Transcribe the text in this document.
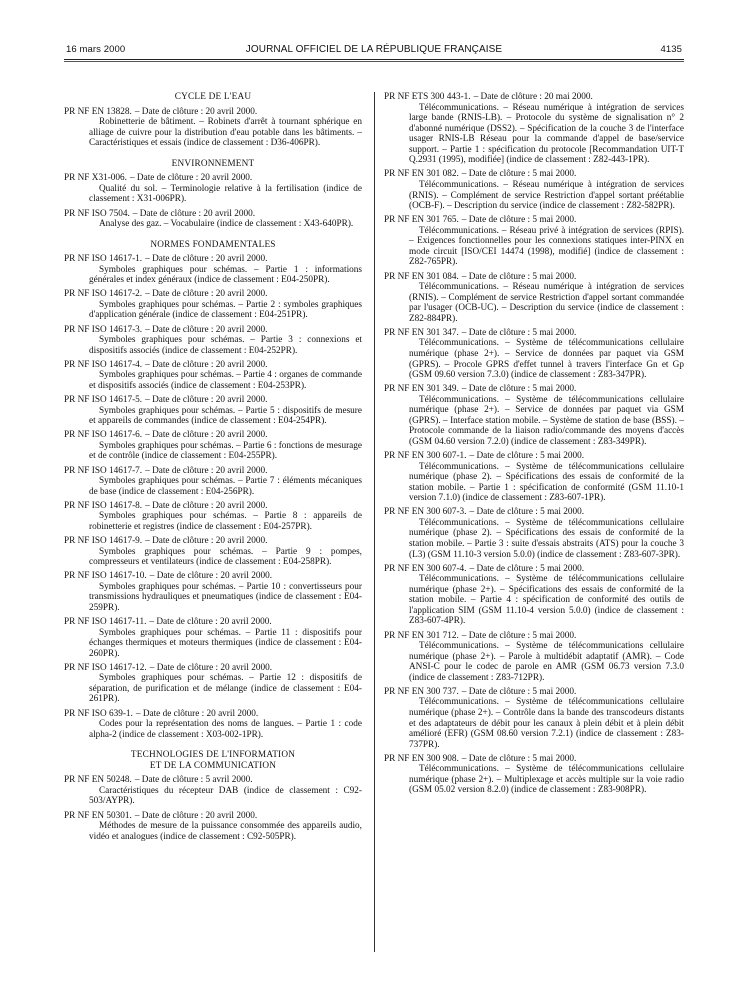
JOURNAL OFFICIEL DE LA RÉPUBLIQUE FRANÇAISE
16 mars 2000	4135
CYCLE DE L'EAU
PR NF EN 13828. – Date de clôture : 20 avril 2000.
Robinetterie de bâtiment. – Robinets d'arrêt à tournant sphérique en alliage de cuivre pour la distribution d'eau potable dans les bâtiments. – Caractéristiques et essais (indice de classement : D36-406PR).
ENVIRONNEMENT
PR NF X31-006. – Date de clôture : 20 avril 2000.
Qualité du sol. – Terminologie relative à la fertilisation (indice de classement : X31-006PR).
PR NF ISO 7504. – Date de clôture : 20 avril 2000.
Analyse des gaz. – Vocabulaire (indice de classement : X43-640PR).
NORMES FONDAMENTALES
PR NF ISO 14617-1. – Date de clôture : 20 avril 2000.
Symboles graphiques pour schémas. – Partie 1 : informations générales et index généraux (indice de classement : E04-250PR).
PR NF ISO 14617-2. – Date de clôture : 20 avril 2000.
Symboles graphiques pour schémas. – Partie 2 : symboles graphiques d'application générale (indice de classement : E04-251PR).
PR NF ISO 14617-3. – Date de clôture : 20 avril 2000.
Symboles graphiques pour schémas. – Partie 3 : connexions et dispositifs associés (indice de classement : E04-252PR).
PR NF ISO 14617-4. – Date de clôture : 20 avril 2000.
Symboles graphiques pour schémas. – Partie 4 : organes de commande et dispositifs associés (indice de classement : E04-253PR).
PR NF ISO 14617-5. – Date de clôture : 20 avril 2000.
Symboles graphiques pour schémas. – Partie 5 : dispositifs de mesure et appareils de commandes (indice de classement : E04-254PR).
PR NF ISO 14617-6. – Date de clôture : 20 avril 2000.
Symboles graphiques pour schémas. – Partie 6 : fonctions de mesurage et de contrôle (indice de classement : E04-255PR).
PR NF ISO 14617-7. – Date de clôture : 20 avril 2000.
Symboles graphiques pour schémas. – Partie 7 : éléments mécaniques de base (indice de classement : E04-256PR).
PR NF ISO 14617-8. – Date de clôture : 20 avril 2000.
Symboles graphiques pour schémas. – Partie 8 : appareils de robinetterie et registres (indice de classement : E04-257PR).
PR NF ISO 14617-9. – Date de clôture : 20 avril 2000.
Symboles graphiques pour schémas. – Partie 9 : pompes, compresseurs et ventilateurs (indice de classement : E04-258PR).
PR NF ISO 14617-10. – Date de clôture : 20 avril 2000.
Symboles graphiques pour schémas. – Partie 10 : convertisseurs pour transmissions hydrauliques et pneumatiques (indice de classement : E04-259PR).
PR NF ISO 14617-11. – Date de clôture : 20 avril 2000.
Symboles graphiques pour schémas. – Partie 11 : dispositifs pour échanges thermiques et moteurs thermiques (indice de classement : E04-260PR).
PR NF ISO 14617-12. – Date de clôture : 20 avril 2000.
Symboles graphiques pour schémas. – Partie 12 : dispositifs de séparation, de purification et de mélange (indice de classement : E04-261PR).
PR NF ISO 639-1. – Date de clôture : 20 avril 2000.
Codes pour la représentation des noms de langues. – Partie 1 : code alpha-2 (indice de classement : X03-002-1PR).
TECHNOLOGIES DE L'INFORMATION
ET DE LA COMMUNICATION
PR NF EN 50248. – Date de clôture : 5 avril 2000.
Caractéristiques du récepteur DAB (indice de classement : C92-503/AYPR).
PR NF EN 50301. – Date de clôture : 20 avril 2000.
Méthodes de mesure de la puissance consommée des appareils audio, vidéo et analogues (indice de classement : C92-505PR).
PR NF ETS 300 443-1. – Date de clôture : 20 mai 2000.
Télécommunications. – Réseau numérique à intégration de services large bande (RNIS-LB). – Protocole du système de signalisation n° 2 d'abonné numérique (DSS2). – Spécification de la couche 3 de l'interface usager RNIS-LB Réseau pour la commande d'appel de base/service support. – Partie 1 : spécification du protocole [Recommandation UIT-T Q.2931 (1995), modifiée] (indice de classement : Z82-443-1PR).
PR NF EN 301 082. – Date de clôture : 5 mai 2000.
Télécommunications. – Réseau numérique à intégration de services (RNIS). – Complément de service Restriction d'appel sortant préétablie (OCB-F). – Description du service (indice de classement : Z82-582PR).
PR NF EN 301 765. – Date de clôture : 5 mai 2000.
Télécommunications. – Réseau privé à intégration de services (RPIS). – Exigences fonctionnelles pour les connexions statiques inter-PINX en mode circuit [ISO/CEI 14474 (1998), modifié] (indice de classement : Z82-765PR).
PR NF EN 301 084. – Date de clôture : 5 mai 2000.
Télécommunications. – Réseau numérique à intégration de services (RNIS). – Complément de service Restriction d'appel sortant commandée par l'usager (OCB-UC). – Description du service (indice de classement : Z82-884PR).
PR NF EN 301 347. – Date de clôture : 5 mai 2000.
Télécommunications. – Système de télécommunications cellulaire numérique (phase 2+). – Service de données par paquet via GSM (GPRS). – Procole GPRS d'effet tunnel à travers l'interface Gn et Gp (GSM 09.60 version 7.3.0) (indice de classement : Z83-347PR).
PR NF EN 301 349. – Date de clôture : 5 mai 2000.
Télécommunications. – Système de télécommunications cellulaire numérique (phase 2+). – Service de données par paquet via GSM (GPRS). – Interface station mobile. – Système de station de base (BSS). – Protocole commande de la liaison radio/commande des moyens d'accès (GSM 04.60 version 7.2.0) (indice de classement : Z83-349PR).
PR NF EN 300 607-1. – Date de clôture : 5 mai 2000.
Télécommunications. – Système de télécommunications cellulaire numérique (phase 2). – Spécifications des essais de conformité de la station mobile. – Partie 1 : spécification de conformité (GSM 11.10-1 version 7.1.0) (indice de classement : Z83-607-1PR).
PR NF EN 300 607-3. – Date de clôture : 5 mai 2000.
Télécommunications. – Système de télécommunications cellulaire numérique (phase 2). – Spécifications des essais de conformité de la station mobile. – Partie 3 : suite d'essais abstraits (ATS) pour la couche 3 (L3) (GSM 11.10-3 version 5.0.0) (indice de classement : Z83-607-3PR).
PR NF EN 300 607-4. – Date de clôture : 5 mai 2000.
Télécommunications. – Système de télécommunications cellulaire numérique (phase 2+). – Spécifications des essais de conformité de la station mobile. – Partie 4 : spécification de conformité des outils de l'application SIM (GSM 11.10-4 version 5.0.0) (indice de classement : Z83-607-4PR).
PR NF EN 301 712. – Date de clôture : 5 mai 2000.
Télécommunications. – Système de télécommunications cellulaire numérique (phase 2+). – Parole à multidébit adaptatif (AMR). – Code ANSI-C pour le codec de parole en AMR (GSM 06.73 version 7.3.0 (indice de classement : Z83-712PR).
PR NF EN 300 737. – Date de clôture : 5 mai 2000.
Télécommunications. – Système de télécommunications cellulaire numérique (phase 2+). – Contrôle dans la bande des transcodeurs distants et des adaptateurs de débit pour les canaux à plein débit et à plein débit amélioré (EFR) (GSM 08.60 version 7.2.1) (indice de classement : Z83-737PR).
PR NF EN 300 908. – Date de clôture : 5 mai 2000.
Télécommunications. – Système de télécommunications cellulaire numérique (phase 2+). – Multiplexage et accès multiple sur la voie radio (GSM 05.02 version 8.2.0) (indice de classement : Z83-908PR).
